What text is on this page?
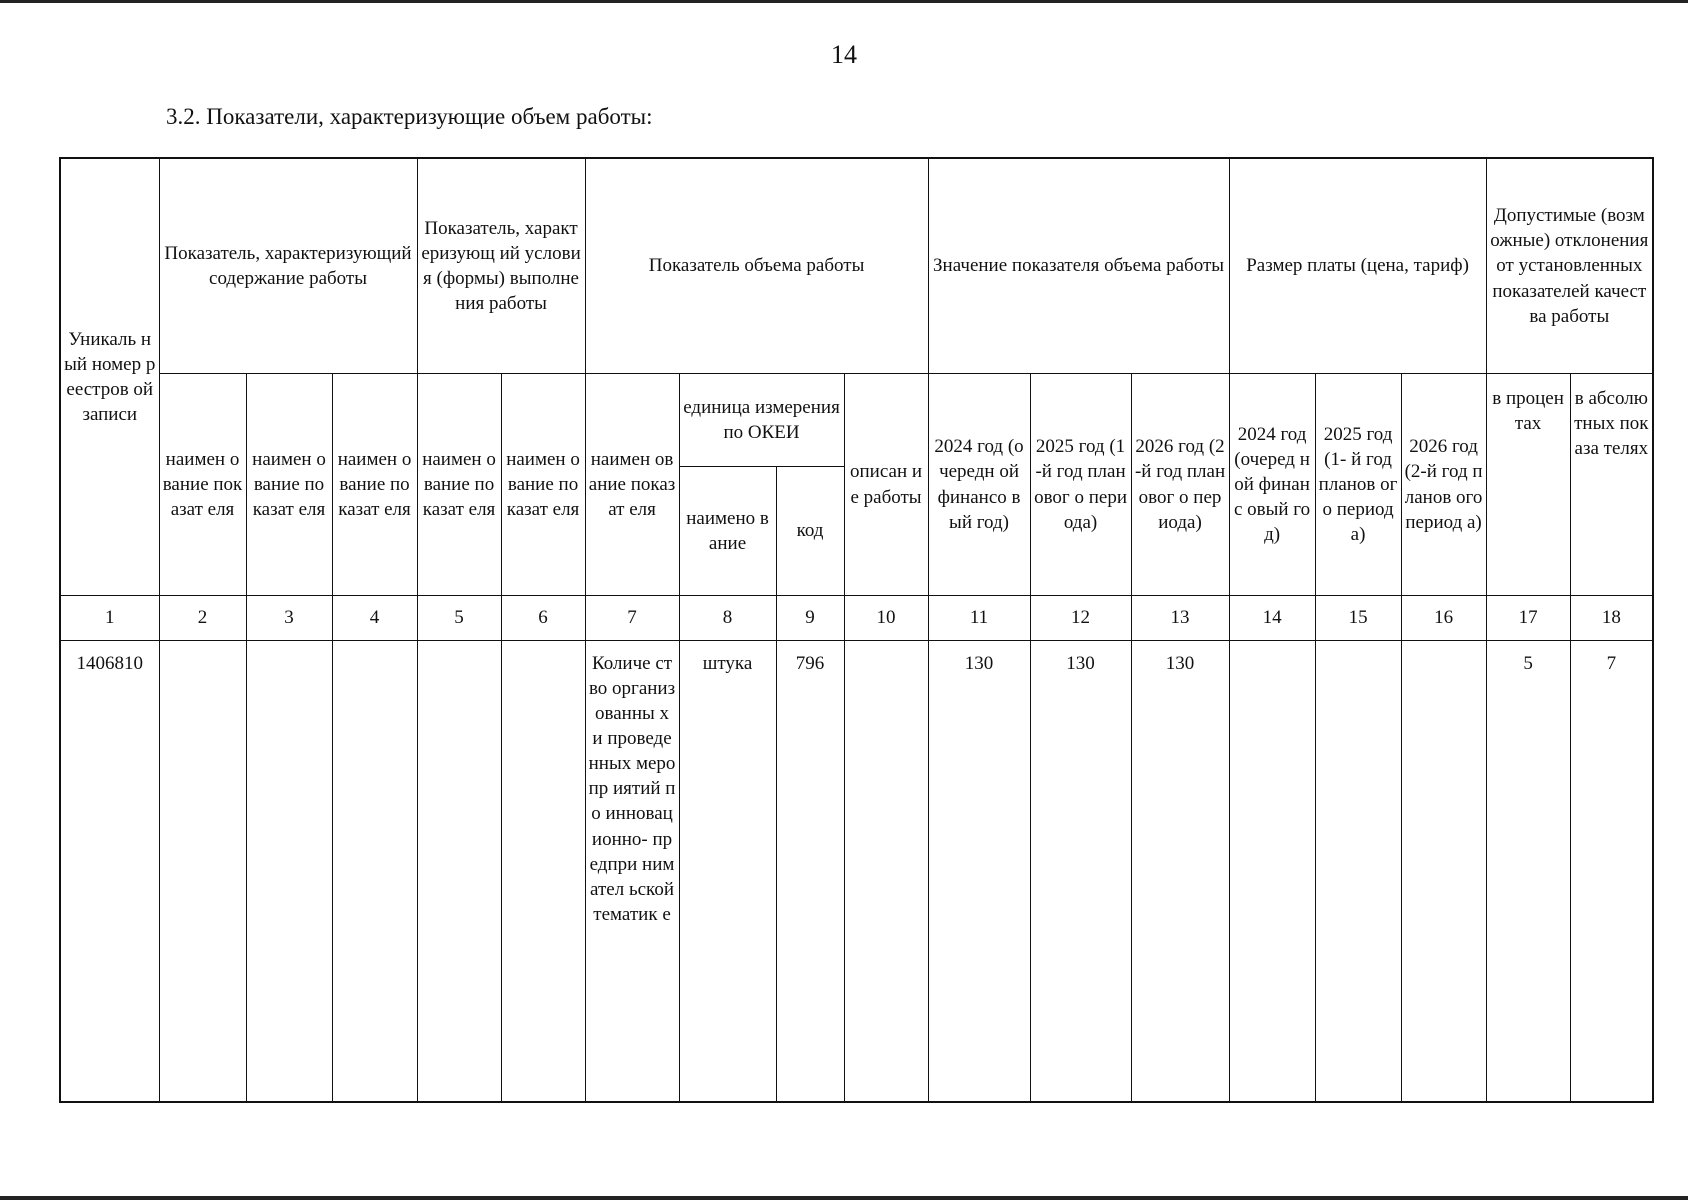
14
3.2. Показатели, характеризующие объем работы:
Уникаль ный номер реестров ой записи	Показатель, характеризующий содержание работы			Показатель, характеризующ ий условия (формы) выполнения работы		Показатель объема работы				Значение показателя объема работы			Размер платы (цена, тариф)			Допустимые (возможные) отклонения от установленных показателей качества работы	
	наимен ование показат еля	наимен ование показат еля	наимен ование показат еля	наимен ование показат еля	наимен ование показат еля	наимен ование показат еля	единица измерения по ОКЕИ		описан ие работы	2024 год (очередн ой финансо вый год)	2025 год (1-й год плановог о периода)	2026 год (2-й год плановог о периода)	2024 год (очеред ной финанс овый год)	2025 год (1- й год планов ого период а)	2026 год (2-й год планов ого период а)	в процен тах	в абсолю тных показа телях
							наимено вание	код									
1	2	3	4	5	6	7	8	9	10	11	12	13	14	15	16	17	18
1406810						Количе ство организ ованны х и проведе нных меропр иятий по инновац ионно- предпри нимател ьской тематик е	штука	796		130	130	130				5	7
